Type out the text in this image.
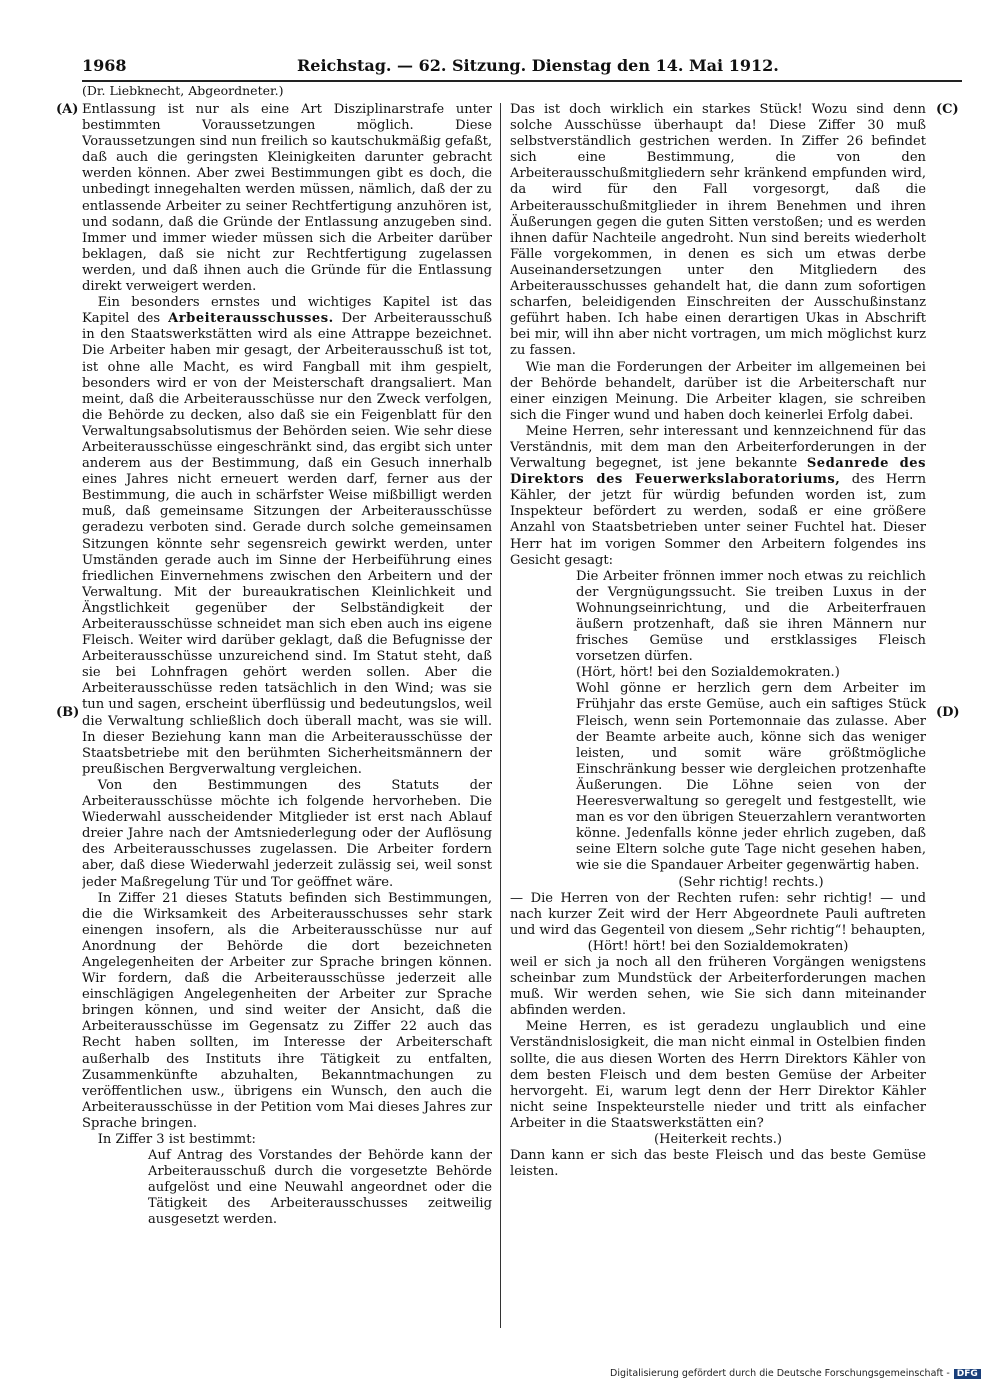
1968	Reichstag. — 62. Sitzung. Dienstag den 14. Mai 1912.
(Dr. Liebknecht, Abgeordneter.)
(A)
(B)
(C)
(D)

Entlassung ist nur als eine Art Disziplinarstrafe unter bestimmten Voraussetzungen möglich. Diese Voraussetzungen sind nun freilich so kautschukmäßig gefaßt, daß auch die geringsten Kleinigkeiten darunter gebracht werden können. Aber zwei Bestimmungen gibt es doch, die unbedingt innegehalten werden müssen, nämlich, daß der zu entlassende Arbeiter zu seiner Rechtfertigung anzuhören ist, und sodann, daß die Gründe der Entlassung anzugeben sind. Immer und immer wieder müssen sich die Arbeiter darüber beklagen, daß sie nicht zur Rechtfertigung zugelassen werden, und daß ihnen auch die Gründe für die Entlassung direkt verweigert werden.

Ein besonders ernstes und wichtiges Kapitel ist das Kapitel des Arbeiterausschusses. Der Arbeiterausschuß in den Staatswerkstätten wird als eine Attrappe bezeichnet. Die Arbeiter haben mir gesagt, der Arbeiterausschuß ist tot, ist ohne alle Macht, es wird Fangball mit ihm gespielt, besonders wird er von der Meisterschaft drangsaliert. Man meint, daß die Arbeiterausschüsse nur den Zweck verfolgen, die Behörde zu decken, also daß sie ein Feigenblatt für den Verwaltungsabsolutismus der Behörden seien. Wie sehr diese Arbeiterausschüsse eingeschränkt sind, das ergibt sich unter anderem aus der Bestimmung, daß ein Gesuch innerhalb eines Jahres nicht erneuert werden darf, ferner aus der Bestimmung, die auch in schärfster Weise mißbilligt werden muß, daß gemeinsame Sitzungen der Arbeiterausschüsse geradezu verboten sind. Gerade durch solche gemeinsamen Sitzungen könnte sehr segensreich gewirkt werden, unter Umständen gerade auch im Sinne der Herbeiführung eines friedlichen Einvernehmens zwischen den Arbeitern und der Verwaltung. Mit der bureaukratischen Kleinlichkeit und Ängstlichkeit gegenüber der Selbständigkeit der Arbeiterausschüsse schneidet man sich eben auch ins eigene Fleisch. Weiter wird darüber geklagt, daß die Befugnisse der Arbeiterausschüsse unzureichend sind. Im Statut steht, daß sie bei Lohnfragen gehört werden sollen. Aber die Arbeiterausschüsse reden tatsächlich in den Wind; was sie tun und sagen, erscheint überflüssig und bedeutungslos, weil die Verwaltung schließlich doch überall macht, was sie will. In dieser Beziehung kann man die Arbeiterausschüsse der Staatsbetriebe mit den berühmten Sicherheitsmännern der preußischen Bergverwaltung vergleichen.

Von den Bestimmungen des Statuts der Arbeiterausschüsse möchte ich folgende hervorheben. Die Wiederwahl ausscheidender Mitglieder ist erst nach Ablauf dreier Jahre nach der Amtsniederlegung oder der Auflösung des Arbeiterausschusses zugelassen. Die Arbeiter fordern aber, daß diese Wiederwahl jederzeit zulässig sei, weil sonst jeder Maßregelung Tür und Tor geöffnet wäre.

In Ziffer 21 dieses Statuts befinden sich Bestimmungen, die die Wirksamkeit des Arbeiterausschusses sehr stark einengen insofern, als die Arbeiterausschüsse nur auf Anordnung der Behörde die dort bezeichneten Angelegenheiten der Arbeiter zur Sprache bringen können. Wir fordern, daß die Arbeiterausschüsse jederzeit alle einschlägigen Angelegenheiten der Arbeiter zur Sprache bringen können, und sind weiter der Ansicht, daß die Arbeiterausschüsse im Gegensatz zu Ziffer 22 auch das Recht haben sollten, im Interesse der Arbeiterschaft außerhalb des Instituts ihre Tätigkeit zu entfalten, Zusammenkünfte abzuhalten, Bekanntmachungen zu veröffentlichen usw., übrigens ein Wunsch, den auch die Arbeiterausschüsse in der Petition vom Mai dieses Jahres zur Sprache bringen.

In Ziffer 3 ist bestimmt:

Auf Antrag des Vorstandes der Behörde kann der Arbeiterausschuß durch die vorgesetzte Behörde aufgelöst und eine Neuwahl angeordnet oder die Tätigkeit des Arbeiterausschusses zeitweilig ausgesetzt werden.

Das ist doch wirklich ein starkes Stück! Wozu sind denn solche Ausschüsse überhaupt da! Diese Ziffer 30 muß selbstverständlich gestrichen werden. In Ziffer 26 befindet sich eine Bestimmung, die von den Arbeiterausschußmitgliedern sehr kränkend empfunden wird, da wird für den Fall vorgesorgt, daß die Arbeiterausschußmitglieder in ihrem Benehmen und ihren Äußerungen gegen die guten Sitten verstoßen; und es werden ihnen dafür Nachteile angedroht. Nun sind bereits wiederholt Fälle vorgekommen, in denen es sich um etwas derbe Auseinandersetzungen unter den Mitgliedern des Arbeiterausschusses gehandelt hat, die dann zum sofortigen scharfen, beleidigenden Einschreiten der Ausschußinstanz geführt haben. Ich habe einen derartigen Ukas in Abschrift bei mir, will ihn aber nicht vortragen, um mich möglichst kurz zu fassen.

Wie man die Forderungen der Arbeiter im allgemeinen bei der Behörde behandelt, darüber ist die Arbeiterschaft nur einer einzigen Meinung. Die Arbeiter klagen, sie schreiben sich die Finger wund und haben doch keinerlei Erfolg dabei.

Meine Herren, sehr interessant und kennzeichnend für das Verständnis, mit dem man den Arbeiterforderungen in der Verwaltung begegnet, ist jene bekannte Sedanrede des Direktors des Feuerwerkslaboratoriums, des Herrn Kähler, der jetzt für würdig befunden worden ist, zum Inspekteur befördert zu werden, sodaß er eine größere Anzahl von Staatsbetrieben unter seiner Fuchtel hat. Dieser Herr hat im vorigen Sommer den Arbeitern folgendes ins Gesicht gesagt:

Die Arbeiter frönnen immer noch etwas zu reichlich der Vergnügungssucht. Sie treiben Luxus in der Wohnungseinrichtung, und die Arbeiterfrauen äußern protzenhaft, daß sie ihren Männern nur frisches Gemüse und erstklassiges Fleisch vorsetzen dürfen.

(Hört, hört! bei den Sozialdemokraten.)

Wohl gönne er herzlich gern dem Arbeiter im Frühjahr das erste Gemüse, auch ein saftiges Stück Fleisch, wenn sein Portemonnaie das zulasse. Aber der Beamte arbeite auch, könne sich das weniger leisten, und somit wäre größtmögliche Einschränkung besser wie dergleichen protzenhafte Äußerungen. Die Löhne seien von der Heeresverwaltung so geregelt und festgestellt, wie man es vor den übrigen Steuerzahlern verantworten könne. Jedenfalls könne jeder ehrlich zugeben, daß seine Eltern solche gute Tage nicht gesehen haben, wie sie die Spandauer Arbeiter gegenwärtig haben.

(Sehr richtig! rechts.)

— Die Herren von der Rechten rufen: sehr richtig! — und nach kurzer Zeit wird der Herr Abgeordnete Pauli auftreten und wird das Gegenteil von diesem „Sehr richtig“! behaupten,

(Hört! hört! bei den Sozialdemokraten)

weil er sich ja noch all den früheren Vorgängen wenigstens scheinbar zum Mundstück der Arbeiterforderungen machen muß. Wir werden sehen, wie Sie sich dann miteinander abfinden werden.

Meine Herren, es ist geradezu unglaublich und eine Verständnislosigkeit, die man nicht einmal in Ostelbien finden sollte, die aus diesen Worten des Herrn Direktors Kähler von dem besten Fleisch und dem besten Gemüse der Arbeiter hervorgeht. Ei, warum legt denn der Herr Direktor Kähler nicht seine Inspekteurstelle nieder und tritt als einfacher Arbeiter in die Staatswerkstätten ein?

(Heiterkeit rechts.)

Dann kann er sich das beste Fleisch und das beste Gemüse leisten.

Digitalisierung gefördert durch die Deutsche Forschungsgemeinschaft - DFG
